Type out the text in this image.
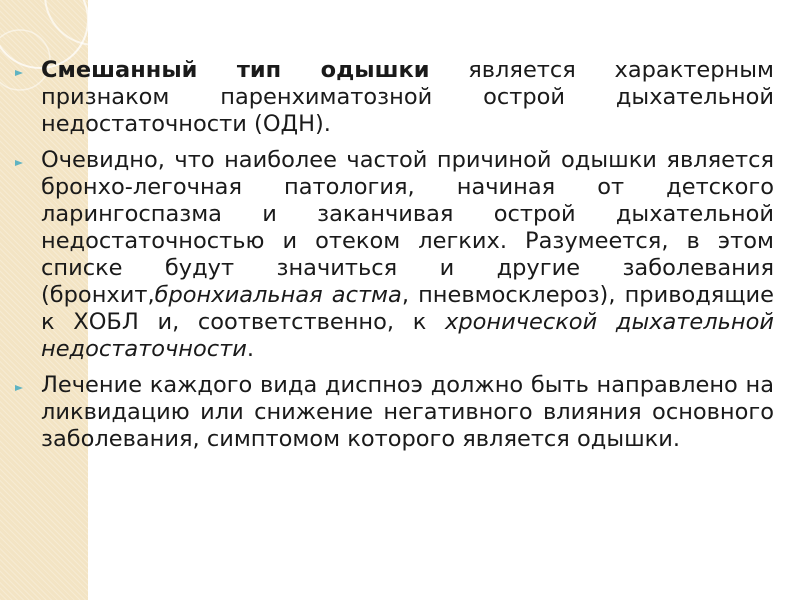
Смешанный тип одышки является характерным признаком паренхиматозной острой дыхательной недостаточности (ОДН).

Очевидно, что наиболее частой причиной одышки является бронхо-легочная патология, начиная от детского ларингоспазма и заканчивая острой дыхательной недостаточностью и отеком легких. Разумеется, в этом списке будут значиться и другие заболевания (бронхит,бронхиальная астма, пневмосклероз), приводящие к ХОБЛ и, соответственно, к хронической дыхательной недостаточности.

Лечение каждого вида диспноэ должно быть направлено на ликвидацию или снижение негативного влияния основного заболевания, симптомом которого является одышки.
